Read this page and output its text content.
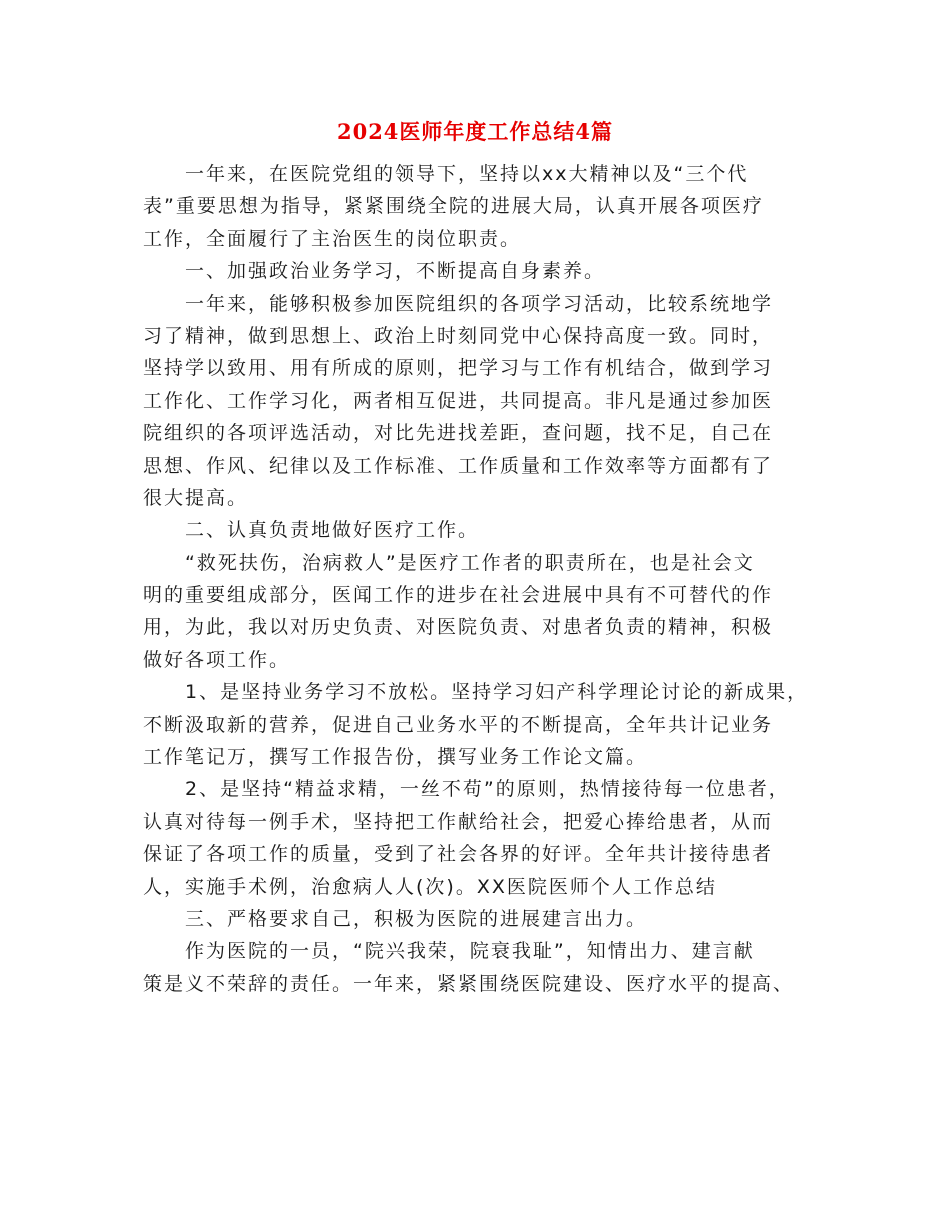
2024医师年度工作总结4篇
一年来，在医院党组的领导下，坚持以xx大精神以及“三个代
表”重要思想为指导，紧紧围绕全院的进展大局，认真开展各项医疗
工作，全面履行了主治医生的岗位职责。
一、加强政治业务学习，不断提高自身素养。
一年来，能够积极参加医院组织的各项学习活动，比较系统地学
习了精神，做到思想上、政治上时刻同党中心保持高度一致。同时，
坚持学以致用、用有所成的原则，把学习与工作有机结合，做到学习
工作化、工作学习化，两者相互促进，共同提高。非凡是通过参加医
院组织的各项评选活动，对比先进找差距，查问题，找不足，自己在
思想、作风、纪律以及工作标准、工作质量和工作效率等方面都有了
很大提高。
二、认真负责地做好医疗工作。
“救死扶伤，治病救人”是医疗工作者的职责所在，也是社会文
明的重要组成部分，医闻工作的进步在社会进展中具有不可替代的作
用，为此，我以对历史负责、对医院负责、对患者负责的精神，积极
做好各项工作。
1、是坚持业务学习不放松。坚持学习妇产科学理论讨论的新成果，
不断汲取新的营养，促进自己业务水平的不断提高，全年共计记业务
工作笔记万，撰写工作报告份，撰写业务工作论文篇。
2、是坚持“精益求精，一丝不苟”的原则，热情接待每一位患者，
认真对待每一例手术，坚持把工作献给社会，把爱心捧给患者，从而
保证了各项工作的质量，受到了社会各界的好评。全年共计接待患者
人，实施手术例，治愈病人人(次)。XX医院医师个人工作总结
三、严格要求自己，积极为医院的进展建言出力。
作为医院的一员，“院兴我荣，院衰我耻”，知情出力、建言献
策是义不荣辞的责任。一年来，紧紧围绕医院建设、医疗水平的提高、
